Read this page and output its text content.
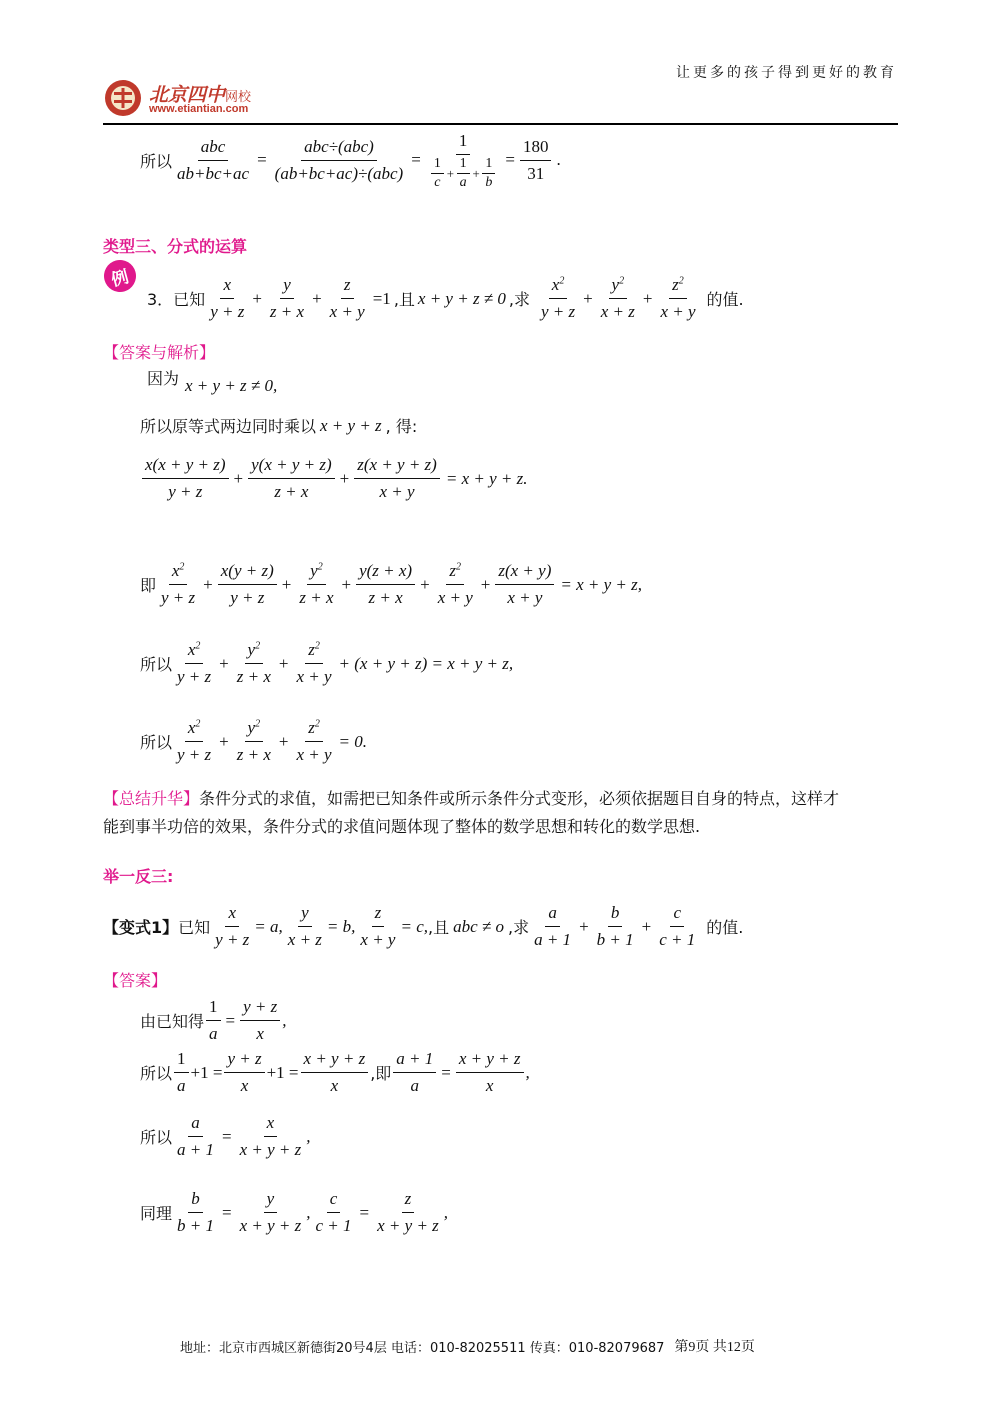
让更多的孩子得到更好的教育
北京四中网校
www.etiantian.com
所以 $\frac{\text{abc}}{ab+bc+ac} = \frac{\text{abc÷(abc)}}{\text{(ab+bc+ac)÷(abc)}} = \frac{1}{\frac{1}{c} + \frac{1}{a} + \frac{1}{b}} = \frac{180}{31}$ .
类型三、分式的运算
例
3．已知 $\frac{x}{y + z} + \frac{y}{z + x} + \frac{z}{x + y} =1$ ,且 x + y + z ≠ 0 ,求 $\frac{x^2}{y + z} + \frac{y^2}{x + z} + \frac{z^2}{x + y}$ 的值.
【答案与解析】
因为 x + y + z ≠ 0 ,
所以原等式两边同时乘以 x + y + z , 得:
$\frac{x(x + y + z)}{y + z} + \frac{y(x + y + z)}{z + x} + \frac{z(x + y + z)}{x + y} = x + y + z$.
即 $\frac{x^2}{y + z} + \frac{x(y + z)}{y + z} + \frac{y^2}{z + x} + \frac{y(z + x)}{z + x} + \frac{z^2}{x + y} + \frac{z(x + y)}{x + y} = x + y + z$,
所以 $\frac{x^2}{y + z} + \frac{y^2}{z + x} + \frac{z^2}{x + y} + (x + y + z) = x + y + z$,
所以 $\frac{x^2}{y + z} + \frac{y^2}{z + x} + \frac{z^2}{x + y} = 0$.
【总结升华】条件分式的求值，如需把已知条件或所示条件分式变形，必须依据题目自身的特点，这样才
能到事半功倍的效果，条件分式的求值问题体现了整体的数学思想和转化的数学思想.
举一反三:
【变式1】 已知 $\frac{x}{y + z} = a$, $\frac{y}{x + z} = b$, $\frac{z}{x + y} = c$, ,且 abc ≠ o ,求 $\frac{a}{a + 1} + \frac{b}{b + 1} + \frac{c}{c + 1}$ 的值.
【答案】
由已知得 $\frac{1}{a} = \frac{y + z}{x}$ ,
所以 $\frac{1}{a} +1 = \frac{y + z}{x} +1 = \frac{x + y + z}{x}$ ,即 $\frac{a + 1}{a} = \frac{x + y + z}{x}$ ,
所以 $\frac{a}{a + 1} = \frac{x}{x + y + z}$ ,
同理 $\frac{b}{b + 1} = \frac{y}{x + y + z}$ , $\frac{c}{c + 1} = \frac{z}{x + y + z}$ ,
地址：北京市西城区新德街20号4层 电话：010-82025511 传真：010-82079687 第9页 共12页
